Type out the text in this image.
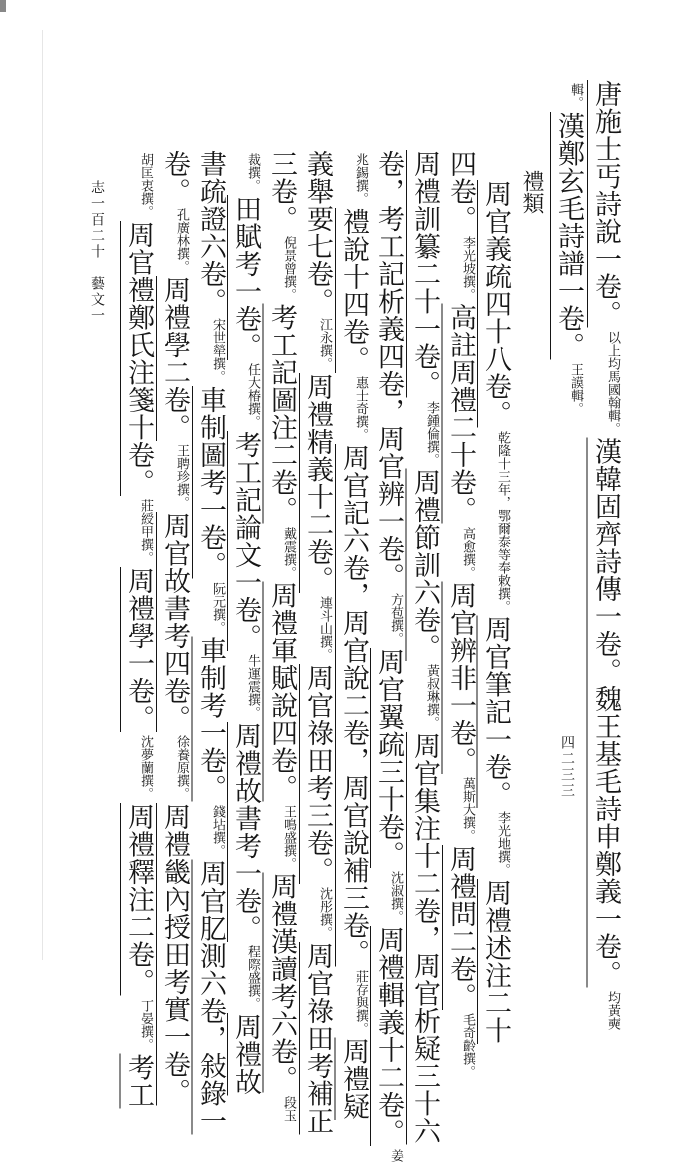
唐施士丐詩說一卷。以上均馬國翰輯。漢韓固齊詩傳一卷。魏王基毛詩申鄭義一卷。均黃奭
輯。漢鄭玄毛詩譜一卷。王謨輯。
禮類
周官義疏四十八卷。乾隆十三年，鄂爾泰等奉敕撰。周官筆記一卷。李光地撰。周禮述注二十
四卷。李光坡撰。高註周禮二十卷。高愈撰。周官辨非一卷。萬斯大撰。周禮問二卷。毛奇齡撰。
周禮訓纂二十一卷。李鍾倫撰。周禮節訓六卷。黃叔琳撰。周官集注十二卷，周官析疑三十六
卷，考工記析義四卷，周官辨一卷。方苞撰。周官翼疏三十卷。沈淑撰。周禮輯義十二卷。姜
兆錫撰。禮說十四卷。惠士奇撰。周官記六卷，周官說二卷，周官說補三卷。莊存與撰。周禮疑
義舉要七卷。江永撰。周禮精義十二卷。連斗山撰。周官祿田考三卷。沈彤撰。周官祿田考補正
三卷。倪景曾撰。考工記圖注二卷。戴震撰。周禮軍賦說四卷。王鳴盛撰。周禮漢讀考六卷。段玉
裁撰。田賦考一卷。任大椿撰。考工記論文一卷。牛運震撰。周禮故書考一卷。程際盛撰。周禮故
書疏證六卷。宋世犖撰。車制圖考一卷。阮元撰。車制考一卷。錢坫撰。周官肊測六卷，敍錄一
卷。孔廣林撰。周禮學二卷。王聘珍撰。周官故書考四卷。徐養原撰。周禮畿內授田考實一卷。
胡匡衷撰。周官禮鄭氏注箋十卷。莊綬甲撰。周禮學一卷。沈夢蘭撰。周禮釋注二卷。丁晏撰。考工
志一百二十　藝文一
四二三三
